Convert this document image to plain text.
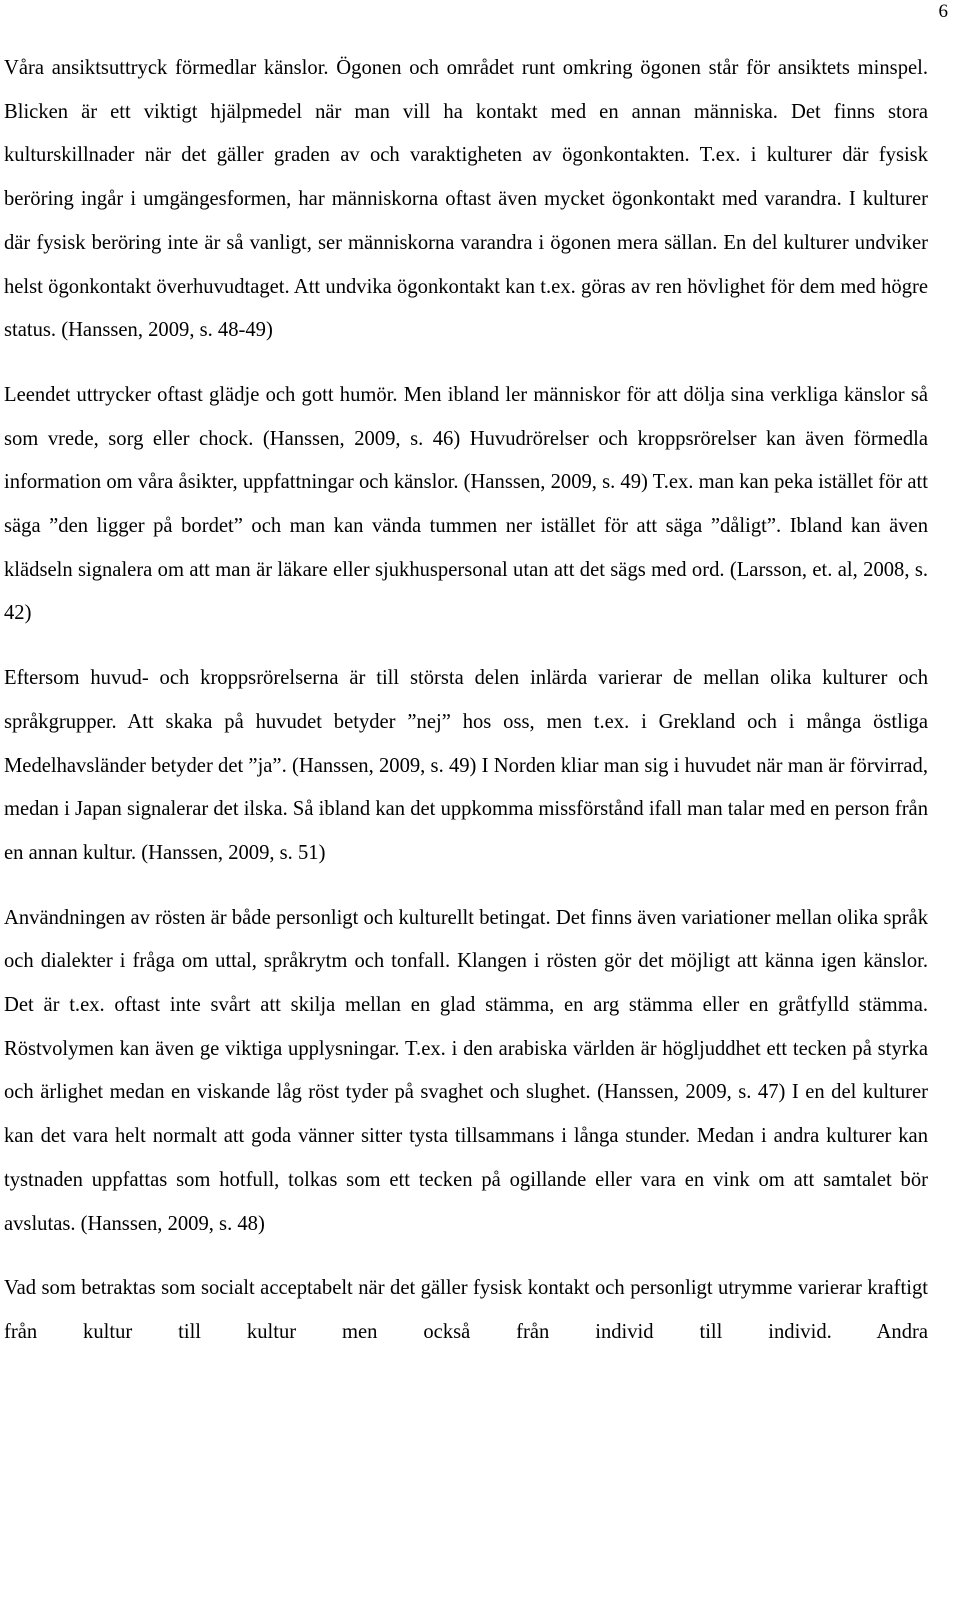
6

Våra ansiktsuttryck förmedlar känslor. Ögonen och området runt omkring ögonen står för ansiktets minspel. Blicken är ett viktigt hjälpmedel när man vill ha kontakt med en annan människa. Det finns stora kulturskillnader när det gäller graden av och varaktigheten av ögonkontakten. T.ex. i kulturer där fysisk beröring ingår i umgängesformen, har människorna oftast även mycket ögonkontakt med varandra. I kulturer där fysisk beröring inte är så vanligt, ser människorna varandra i ögonen mera sällan. En del kulturer undviker helst ögonkontakt överhuvudtaget. Att undvika ögonkontakt kan t.ex. göras av ren hövlighet för dem med högre status. (Hanssen, 2009, s. 48-49)

Leendet uttrycker oftast glädje och gott humör. Men ibland ler människor för att dölja sina verkliga känslor så som vrede, sorg eller chock. (Hanssen, 2009, s. 46) Huvudrörelser och kroppsrörelser kan även förmedla information om våra åsikter, uppfattningar och känslor. (Hanssen, 2009, s. 49) T.ex. man kan peka istället för att säga ”den ligger på bordet” och man kan vända tummen ner istället för att säga ”dåligt”. Ibland kan även klädseln signalera om att man är läkare eller sjukhuspersonal utan att det sägs med ord. (Larsson, et. al, 2008, s. 42)

Eftersom huvud- och kroppsrörelserna är till största delen inlärda varierar de mellan olika kulturer och språkgrupper. Att skaka på huvudet betyder ”nej” hos oss, men t.ex. i Grekland och i många östliga Medelhavsländer betyder det ”ja”. (Hanssen, 2009, s. 49) I Norden kliar man sig i huvudet när man är förvirrad, medan i Japan signalerar det ilska. Så ibland kan det uppkomma missförstånd ifall man talar med en person från en annan kultur. (Hanssen, 2009, s. 51)

Användningen av rösten är både personligt och kulturellt betingat. Det finns även variationer mellan olika språk och dialekter i fråga om uttal, språkrytm och tonfall. Klangen i rösten gör det möjligt att känna igen känslor. Det är t.ex. oftast inte svårt att skilja mellan en glad stämma, en arg stämma eller en gråtfylld stämma. Röstvolymen kan även ge viktiga upplysningar. T.ex. i den arabiska världen är högljuddhet ett tecken på styrka och ärlighet medan en viskande låg röst tyder på svaghet och slughet. (Hanssen, 2009, s. 47) I en del kulturer kan det vara helt normalt att goda vänner sitter tysta tillsammans i långa stunder. Medan i andra kulturer kan tystnaden uppfattas som hotfull, tolkas som ett tecken på ogillande eller vara en vink om att samtalet bör avslutas. (Hanssen, 2009, s. 48)

Vad som betraktas som socialt acceptabelt när det gäller fysisk kontakt och personligt utrymme varierar kraftigt från kultur till kultur men också från individ till individ. Andra
